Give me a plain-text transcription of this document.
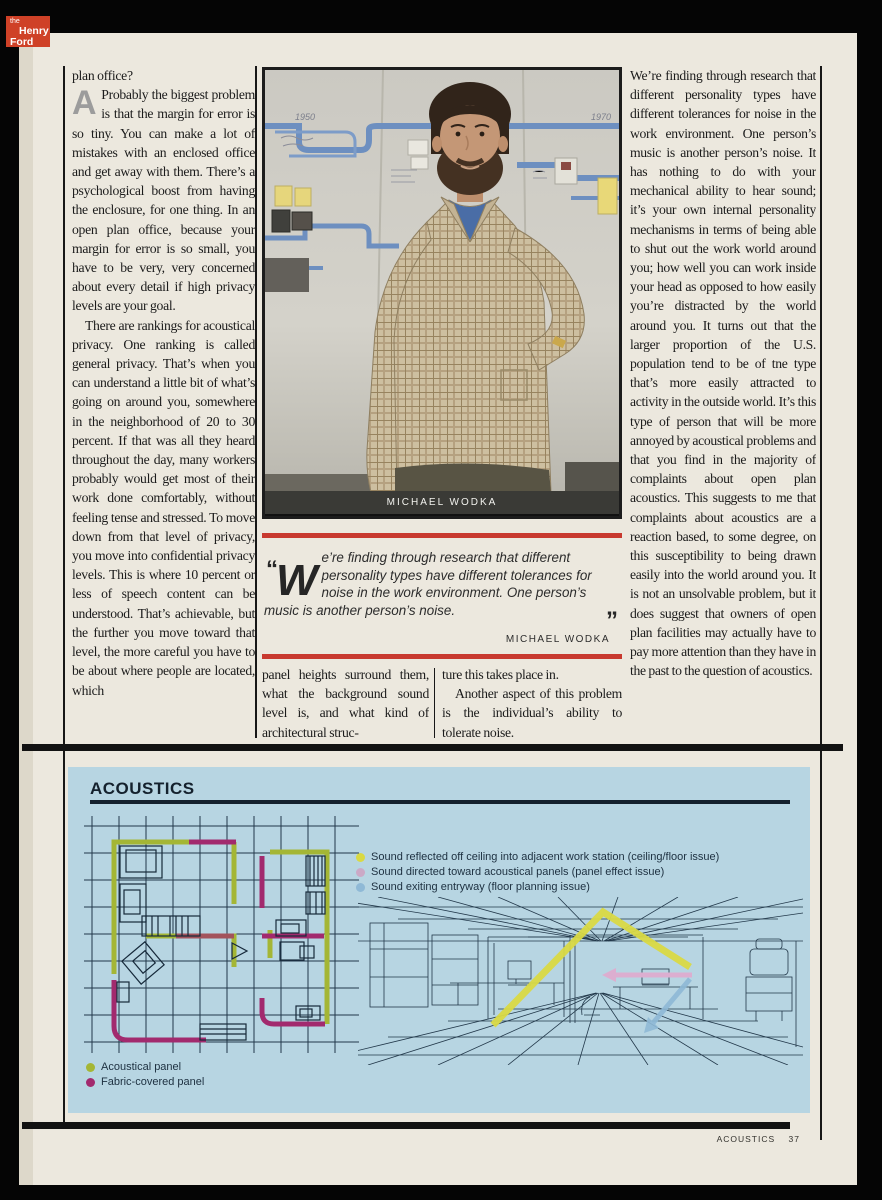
the
Henry
Ford
plan office?
A Probably the biggest problem is that the margin for error is so tiny. You can make a lot of mistakes with an enclosed office and get away with them. There’s a psychological boost from having the enclosure, for one thing. In an open plan office, because your margin for error is so small, you have to be very, very concerned about every detail if high privacy levels are your goal.
There are rankings for acoustical privacy. One ranking is called general privacy. That’s when you can understand a little bit of what’s going on around you, somewhere in the neighborhood of 20 to 30 percent. If that was all they heard throughout the day, many workers probably would get most of their work done comfortably, without feeling tense and stressed. To move down from that level of privacy, you move into confidential privacy levels. This is where 10 percent or less of speech content can be understood. That’s achievable, but the further you move toward that level, the more careful you have to be about where people are located, which
1950	1970
MICHAEL WODKA
“W e’re finding through research that different personality types have different tolerances for noise in the work environment. One person’s music is another person’s noise.	”
MICHAEL WODKA
panel heights surround them, what the background sound level is, and what kind of architectural struc-
ture this takes place in.
Another aspect of this problem is the individual’s ability to tolerate noise.
We’re finding through research that different personality types have different tolerances for noise in the work environment. One person’s music is another person’s noise. It has nothing to do with your mechanical ability to hear sound; it’s your own internal personality mechanisms in terms of being able to shut out the work world around you; how well you can work inside your head as opposed to how easily you’re distracted by the world around you. It turns out that the larger proportion of the U.S. population tend to be of tne type that’s more easily attracted to activity in the outside world. It’s this type of person that will be more annoyed by acoustical problems and that you find in the majority of complaints about open plan acoustics. This suggests to me that complaints about acoustics are a reaction based, to some degree, on this susceptibility to being drawn easily into the world around you. It is not an unsolvable problem, but it does suggest that owners of open plan facilities may actually have to pay more attention than they have in the past to the question of acoustics.
ACOUSTICS
Sound reflected off ceiling into adjacent work station (ceiling/floor issue)
Sound directed toward acoustical panels (panel effect issue)
Sound exiting entryway (floor planning issue)
Acoustical panel
Fabric-covered panel
ACOUSTICS 37
